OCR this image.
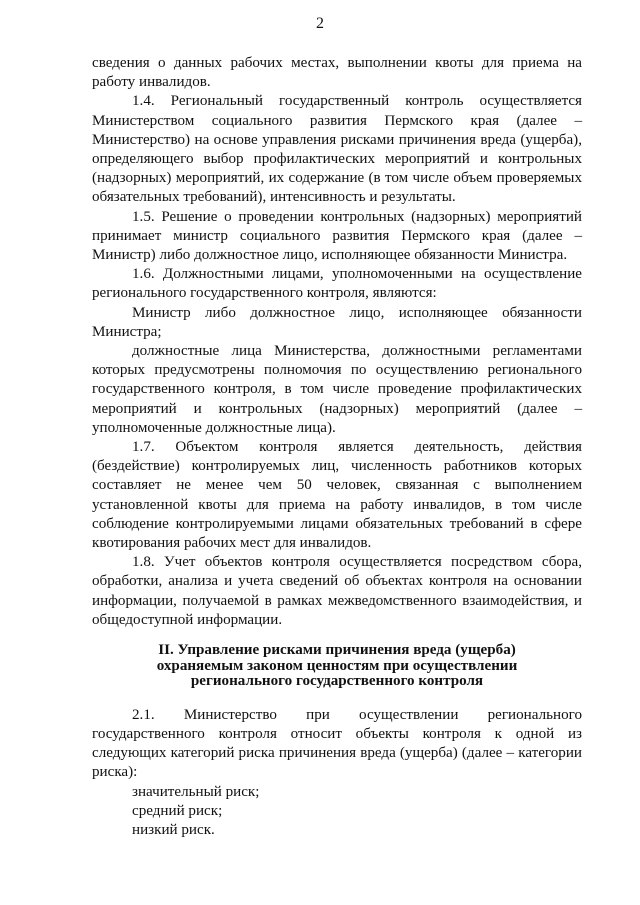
2

сведения о данных рабочих местах, выполнении квоты для приема на работу инвалидов.

1.4. Региональный государственный контроль осуществляется Министерством социального развития Пермского края (далее – Министерство) на основе управления рисками причинения вреда (ущерба), определяющего выбор профилактических мероприятий и контрольных (надзорных) мероприятий, их содержание (в том числе объем проверяемых обязательных требований), интенсивность и результаты.

1.5. Решение о проведении контрольных (надзорных) мероприятий принимает министр социального развития Пермского края (далее – Министр) либо должностное лицо, исполняющее обязанности Министра.

1.6. Должностными лицами, уполномоченными на осуществление регионального государственного контроля, являются:

Министр либо должностное лицо, исполняющее обязанности Министра;

должностные лица Министерства, должностными регламентами которых предусмотрены полномочия по осуществлению регионального государственного контроля, в том числе проведение профилактических мероприятий и контрольных (надзорных) мероприятий (далее – уполномоченные должностные лица).

1.7. Объектом контроля является деятельность, действия (бездействие) контролируемых лиц, численность работников которых составляет не менее чем 50 человек, связанная с выполнением установленной квоты для приема на работу инвалидов, в том числе соблюдение контролируемыми лицами обязательных требований в сфере квотирования рабочих мест для инвалидов.

1.8. Учет объектов контроля осуществляется посредством сбора, обработки, анализа и учета сведений об объектах контроля на основании информации, получаемой в рамках межведомственного взаимодействия, и общедоступной информации.

II. Управление рисками причинения вреда (ущерба)
охраняемым законом ценностям при осуществлении
регионального государственного контроля

2.1. Министерство при осуществлении регионального государственного контроля относит объекты контроля к одной из следующих категорий риска причинения вреда (ущерба) (далее – категории риска):

значительный риск;

средний риск;

низкий риск.
